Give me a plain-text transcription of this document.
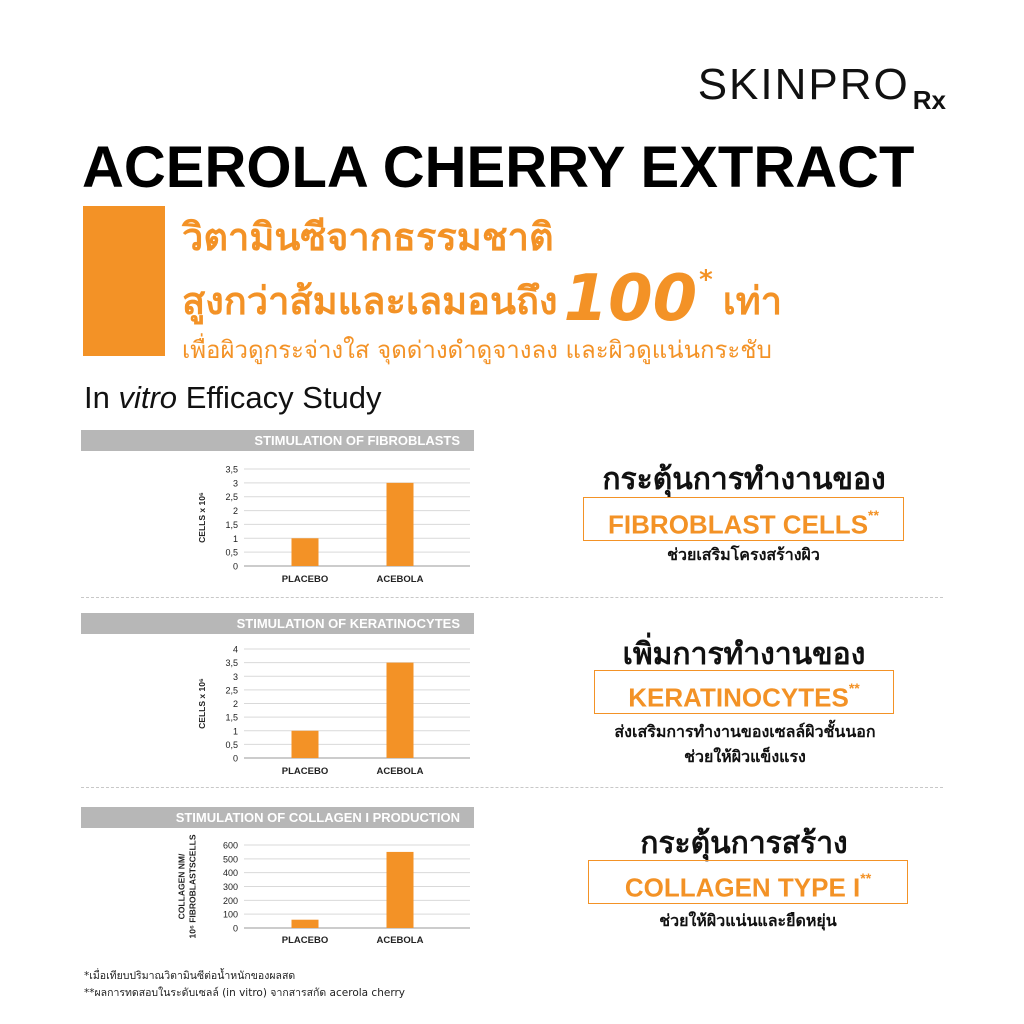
SKINPRO $_{Rx}$
ACEROLA CHERRY EXTRACT
วิตามินซีจากธรรมชาติ
สูงกว่าส้มและเลมอนถึง100* เท่า
เพื่อผิวดูกระจ่างใส จุดด่างดำดูจางลง และผิวดูแน่นกระชับ
In vitro Efficacy Study
STIMULATION OF FIBROBLASTS
0
0,5
1
1,5
2
2,5
3
3,5
CELLS x 10⁶
PLACEBO	ACEBOLA
STIMULATION OF KERATINOCYTES
0
0,5
1
1,5
2
2,5
3
3,5
4
CELLS x 10⁶
PLACEBO	ACEBOLA
STIMULATION OF COLLAGEN I PRODUCTION
0
100
200
300
400
500
600
COLLAGEN NM/ 10⁶ FIBROBLASTSCELLS
PLACEBO	ACEBOLA
กระตุ้นการทำงานของ
FIBROBLAST CELLS**
ช่วยเสริมโครงสร้างผิว
เพิ่มการทำงานของ
KERATINOCYTES**
ส่งเสริมการทำงานของเซลล์ผิวชั้นนอก
ช่วยให้ผิวแข็งแรง
กระตุ้นการสร้าง
COLLAGEN TYPE I**
ช่วยให้ผิวแน่นและยืดหยุ่น
*เมื่อเทียบปริมาณวิตามินซีต่อน้ำหนักของผลสด
**ผลการทดสอบในระดับเซลล์ (in vitro) จากสารสกัด acerola cherry
